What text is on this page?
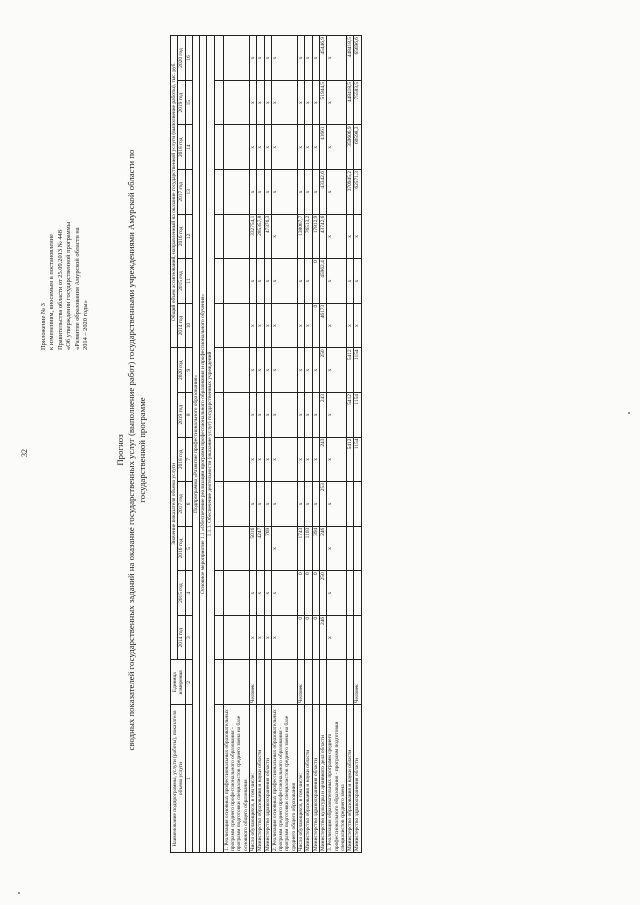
32
Приложение № 3 к изменениям, вносимым в постановление Правительства области от 25.09.2013 № 448 «Об утверждении государственной программы «Развитие образования Амурской области на 2014 – 2020 годы»
Прогноз сводных показателей государственных заданий на оказание государственных услуг (выполнение работ) государственными учреждениями Амурской области по государственной программе
Наименование подпрограммы, услуги (работы), показателя объема услуги	Единица измерения	Значение показателя объема услуги							Общий объем ассигнований, направленный на оказание государственной услуги (выполнение работы), тыс. руб.						
		2014 год	2015 год	2016 год	2017 год	2018 год	2019 год	2020 год	2014 год	2015 год	2016 год	2017 год	2018 год	2019 год	2020 год
1	2	3	4	5	6	7	8	9	10	11	12	13	14	15	16
Подпрограмма «Развитие профессионального образования»															
Основное мероприятие 1.1 «Обеспечение реализации программ профессионального образования и профессионального обучения»															
1.1.1. Обеспечение деятельности (оказание услуг) государственных учреждений															

1. Реализация основных профессиональных образовательных программ среднего профессионального образования - программ подготовки специалистов среднего звена на базе основного общего образования															
Число обучающихся, в том числе:	Человек	х	х	5016	х	х	х	х	х	х	332754,1	х	х	х	х
Министерство образования и науки области		х	х	4247	х	х	х	х	х	х	285357,8	х	х	х	х
Министерство здравоохранения области		х	х	769	х	х	х	х	х	х	47376,3	х	х	х	х
2. Реализация основных профессиональных образовательных программ среднего профессионального образования - программ подготовки специалистов среднего звена на базе среднего общего образования		х	х	х	х	х	х	х	х	х	х	х	х	х	х
Число обучающихся, в том числе:	Человек	0	0	1743	х	х	х	х	х	х	138067,7	х	х	х	х
Министерство образования и науки области		0	0	1103	х	х	х	х	х	х	76513,2	х	х	х	х
Министерство здравоохранения области		0	0	394	х	х	х	х	0	0	17812,9	х	х	х	х
Министерство культуры и архивного дела области		246	250	246	253	243	243	250	46173	45962,4	43742,6	43342,6	41661	51944,5	45446,9
3. Реализация образовательных программ среднего профессионального образования - программ подготовки специалистов среднего звена		х	х	х	х	х	х	х	х	х	х	х	х	х	х
Министерство образования и науки области						5412	5412	5412	х	х	х	370945,2	359606,9	448418,5	448418,5
Министерство здравоохранения области	Человек					1154	1154	1154	х	х	х	62571,3	60598,3	75583,5	65696,6
